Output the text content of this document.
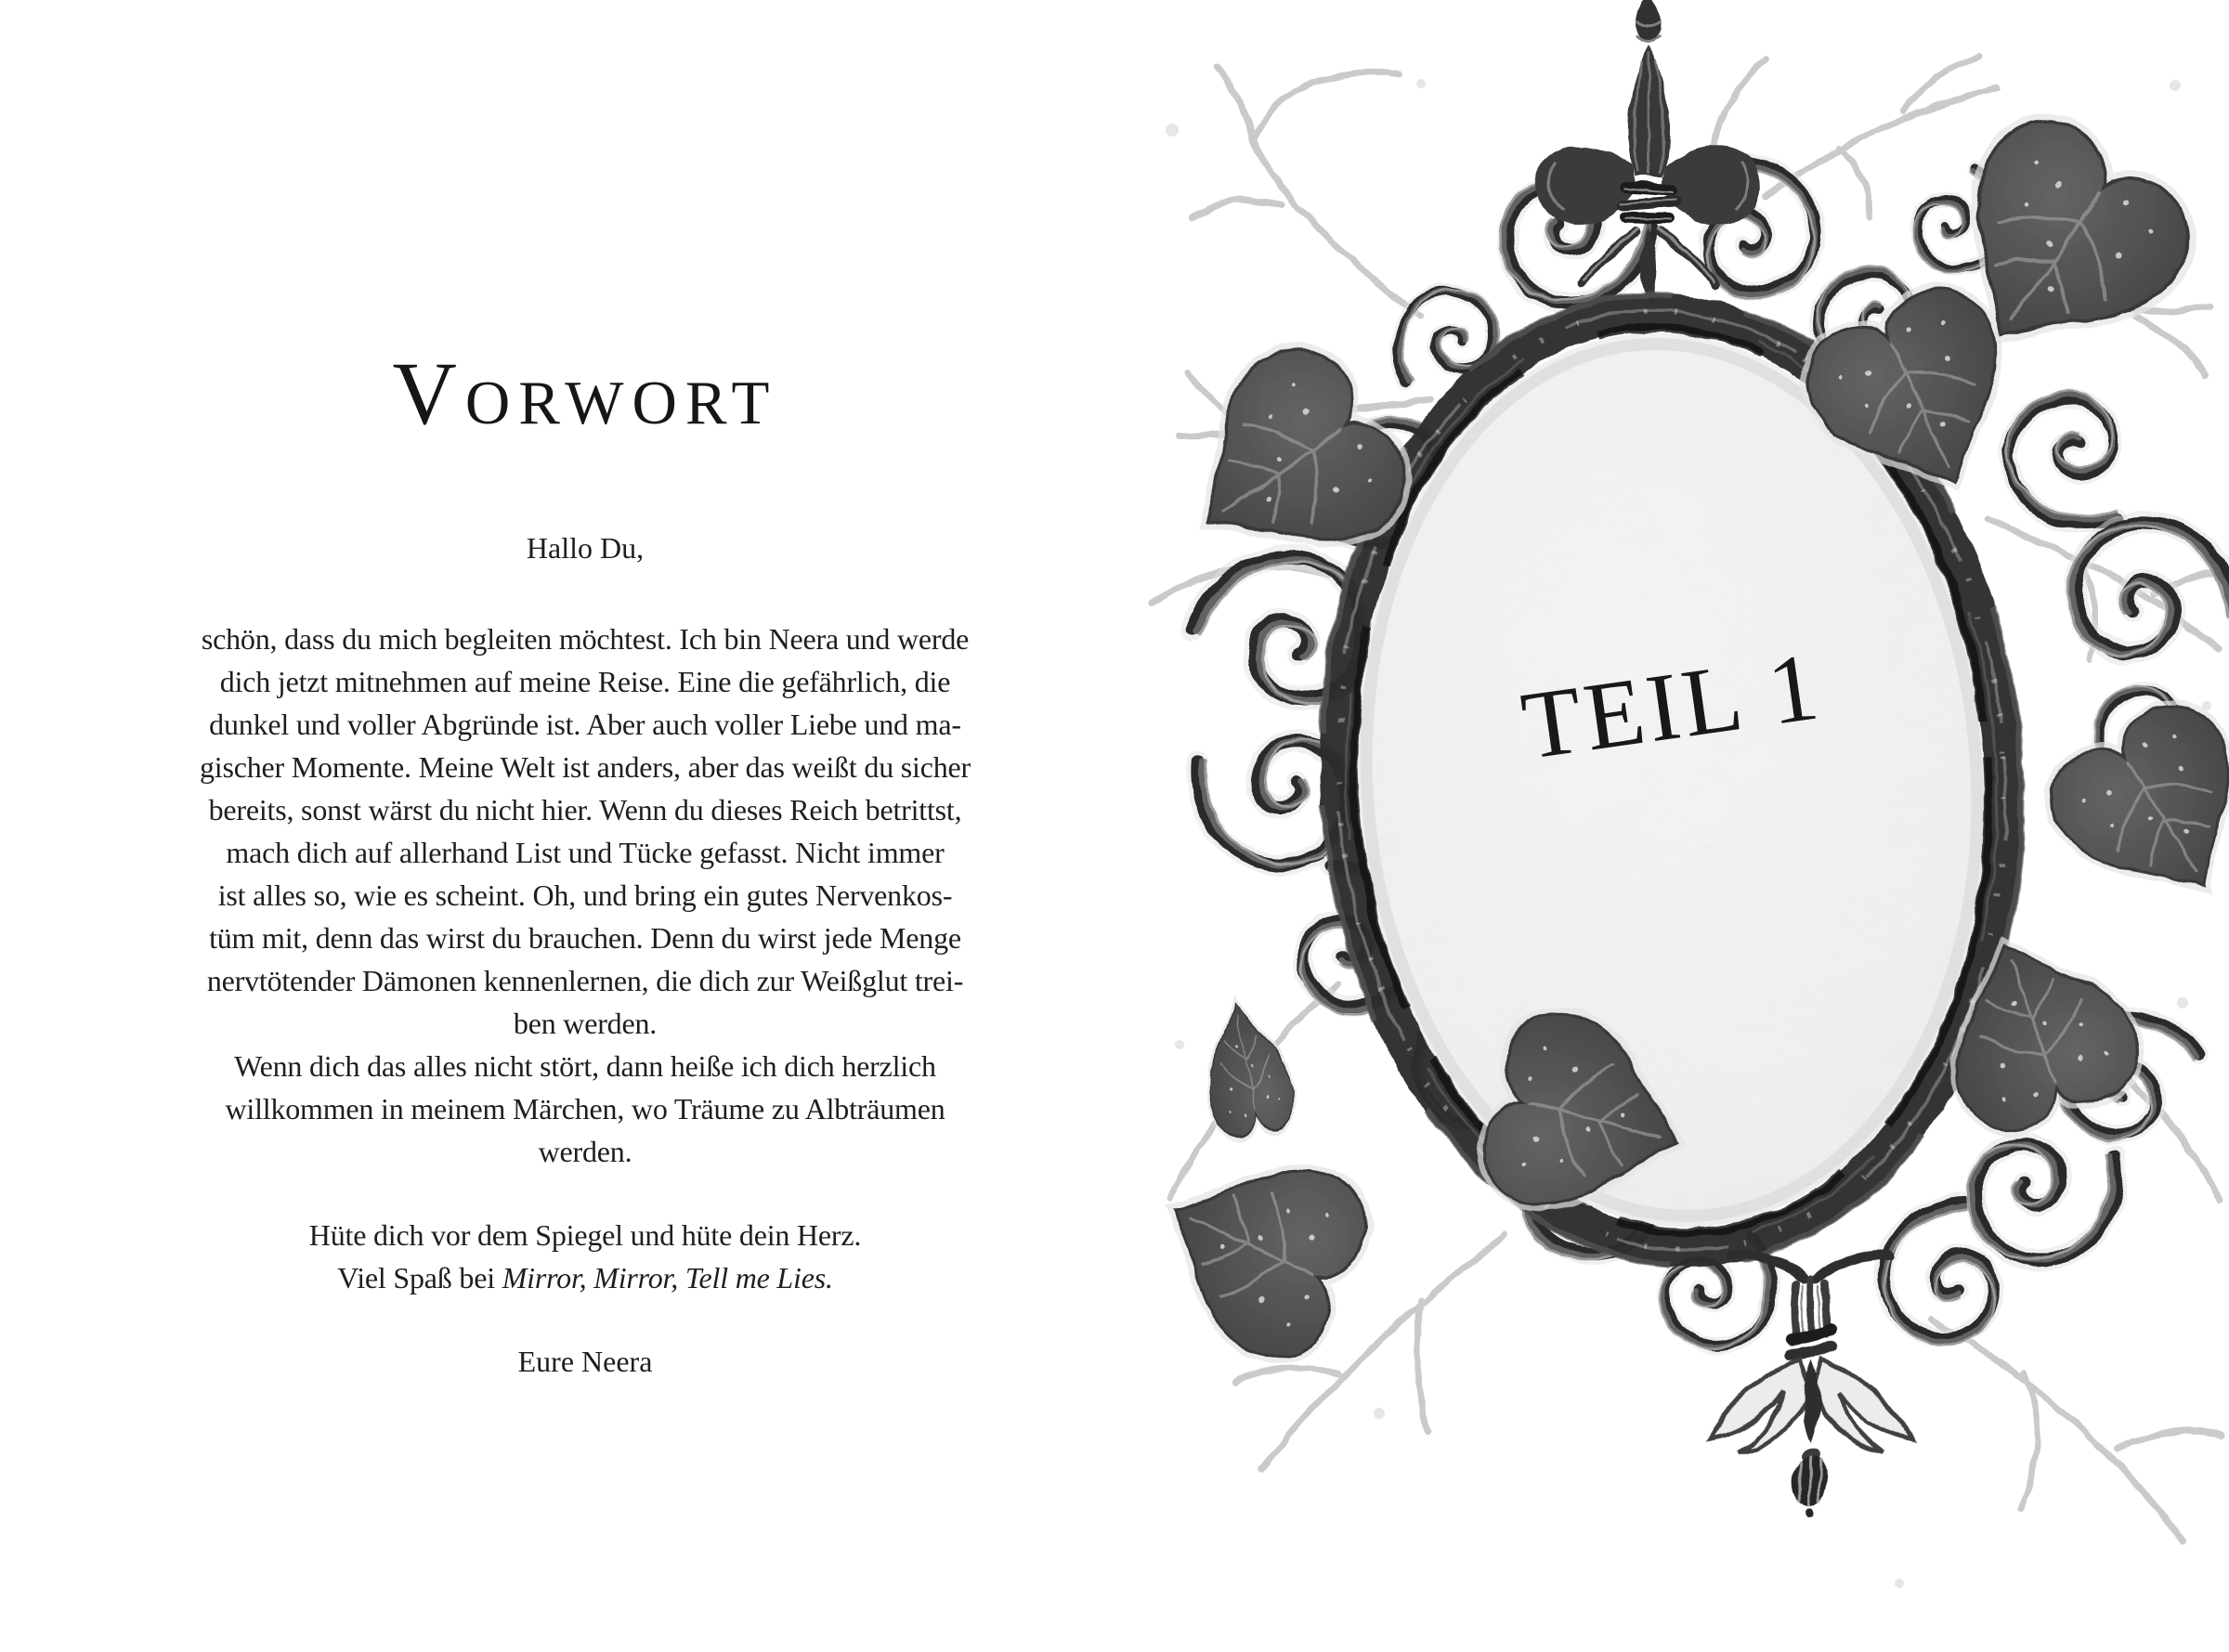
Vorwort

Hallo Du,

schön, dass du mich begleiten möchtest. Ich bin Neera und werde
dich jetzt mitnehmen auf meine Reise. Eine die gefährlich, die
dunkel und voller Abgründe ist. Aber auch voller Liebe und ma-
gischer Momente. Meine Welt ist anders, aber das weißt du sicher
bereits, sonst wärst du nicht hier. Wenn du dieses Reich betrittst,
mach dich auf allerhand List und Tücke gefasst. Nicht immer
ist alles so, wie es scheint. Oh, und bring ein gutes Nervenkos-
tüm mit, denn das wirst du brauchen. Denn du wirst jede Menge
nervtötender Dämonen kennenlernen, die dich zur Weißglut trei-
ben werden.
Wenn dich das alles nicht stört, dann heiße ich dich herzlich
willkommen in meinem Märchen, wo Träume zu Albträumen
werden.
Hüte dich vor dem Spiegel und hüte dein Herz.
Viel Spaß bei Mirror, Mirror, Tell me Lies.
Eure Neera
TEIL 1
